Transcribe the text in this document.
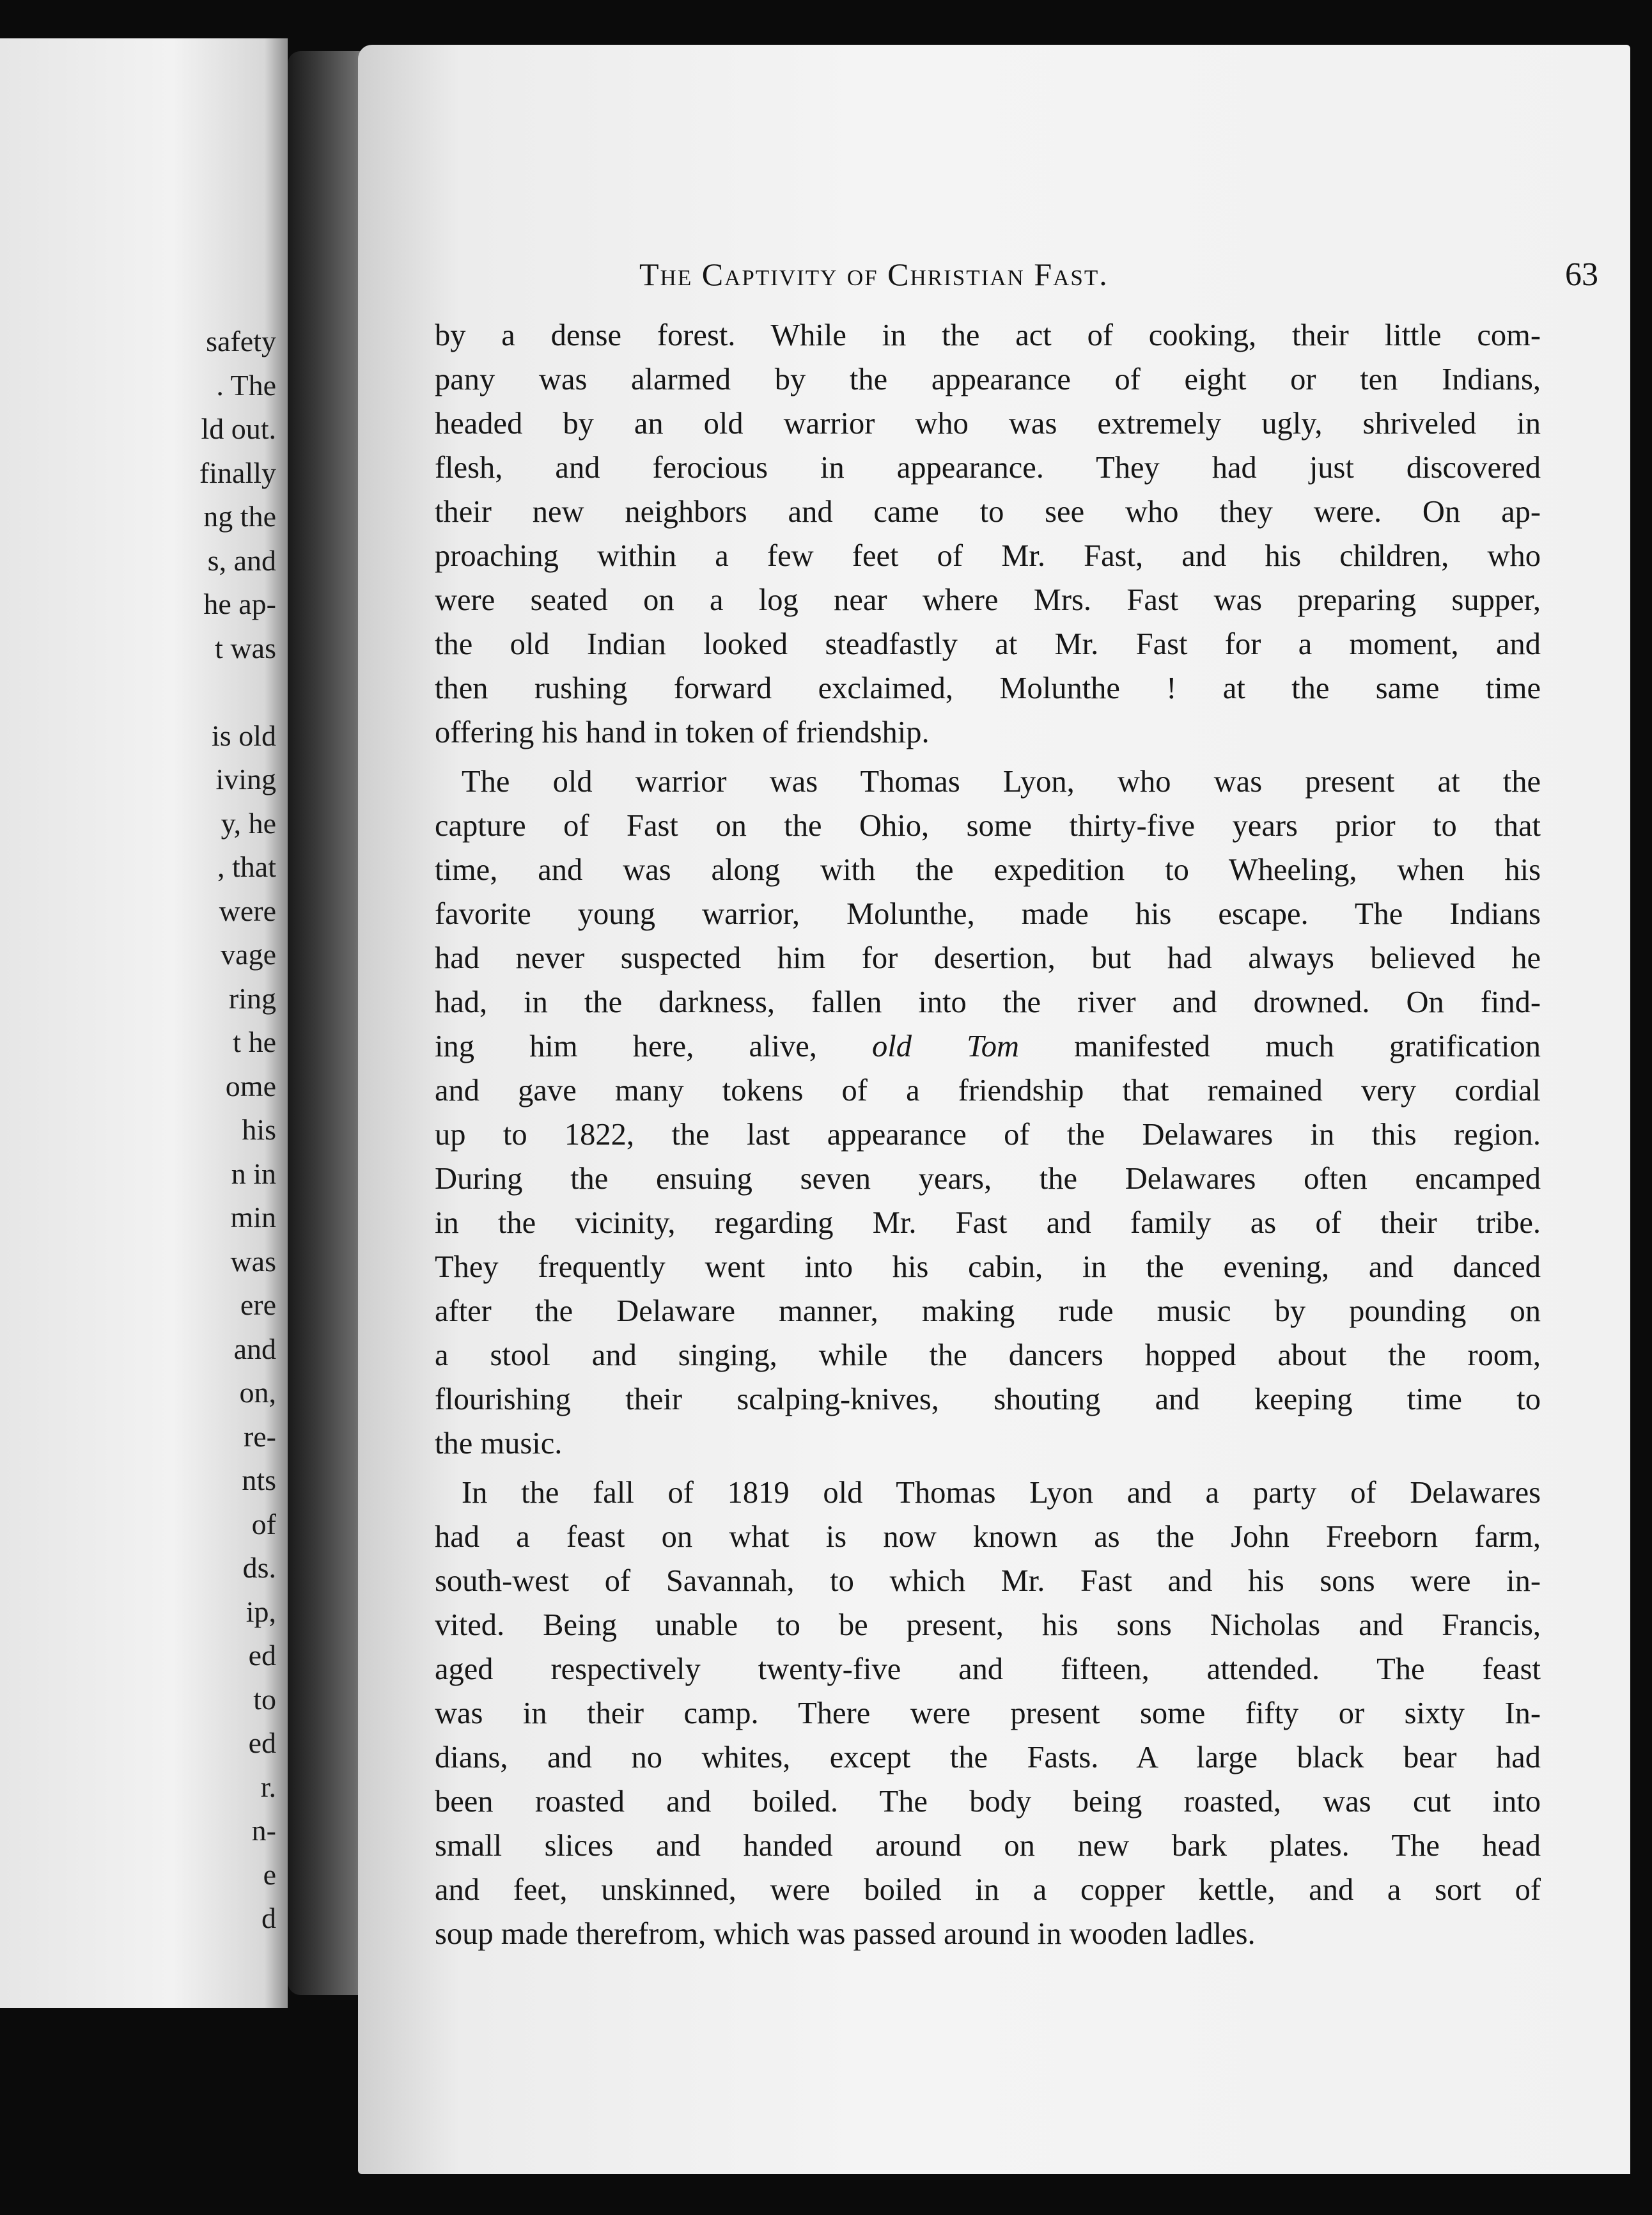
safety
. The
ld out.
finally
ng the
s, and
he ap-
t was

is old
iving
y, he
, that
were
vage
ring
t he
ome
his
n in
min
was
ere
and
on,
re-
nts
of
ds.
ip,
ed
to
ed
r.
n-
e
d
The Captivity of Christian Fast.	63
by a dense forest. While in the act of cooking, their little com-
pany was alarmed by the appearance of eight or ten Indians,
headed by an old warrior who was extremely ugly, shriveled in
flesh, and ferocious in appearance. They had just discovered
their new neighbors and came to see who they were. On ap-
proaching within a few feet of Mr. Fast, and his children, who
were seated on a log near where Mrs. Fast was preparing supper,
the old Indian looked steadfastly at Mr. Fast for a moment, and
then rushing forward exclaimed, Molunthe ! at the same time
offering his hand in token of friendship.
The old warrior was Thomas Lyon, who was present at the
capture of Fast on the Ohio, some thirty-five years prior to that
time, and was along with the expedition to Wheeling, when his
favorite young warrior, Molunthe, made his escape. The Indians
had never suspected him for desertion, but had always believed he
had, in the darkness, fallen into the river and drowned. On find-
ing him here, alive, old Tom manifested much gratification
and gave many tokens of a friendship that remained very cordial
up to 1822, the last appearance of the Delawares in this region.
During the ensuing seven years, the Delawares often encamped
in the vicinity, regarding Mr. Fast and family as of their tribe.
They frequently went into his cabin, in the evening, and danced
after the Delaware manner, making rude music by pounding on
a stool and singing, while the dancers hopped about the room,
flourishing their scalping-knives, shouting and keeping time to
the music.
In the fall of 1819 old Thomas Lyon and a party of Delawares
had a feast on what is now known as the John Freeborn farm,
south-west of Savannah, to which Mr. Fast and his sons were in-
vited. Being unable to be present, his sons Nicholas and Francis,
aged respectively twenty-five and fifteen, attended. The feast
was in their camp. There were present some fifty or sixty In-
dians, and no whites, except the Fasts. A large black bear had
been roasted and boiled. The body being roasted, was cut into
small slices and handed around on new bark plates. The head
and feet, unskinned, were boiled in a copper kettle, and a sort of
soup made therefrom, which was passed around in wooden ladles.
